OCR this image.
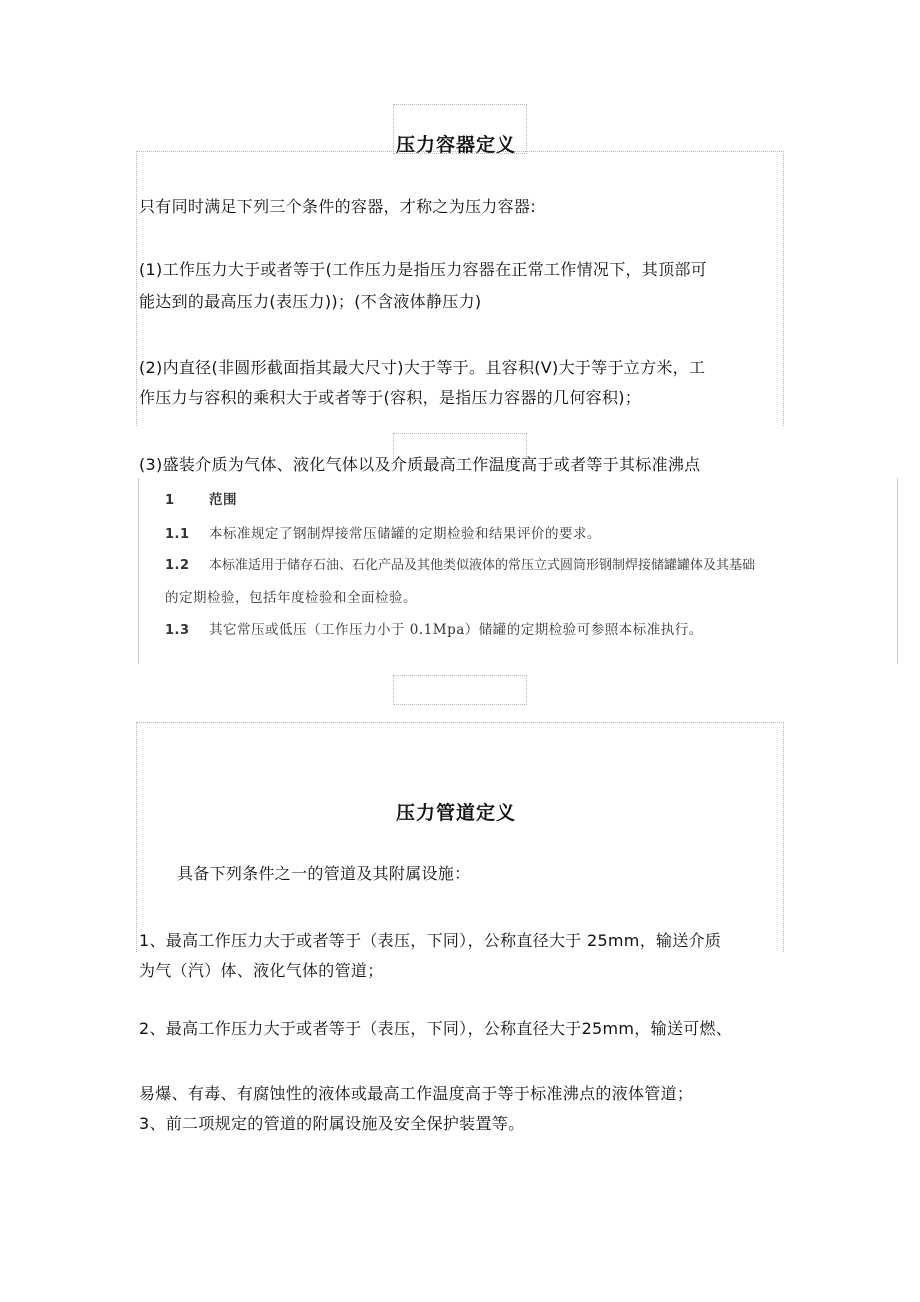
压力容器定义
只有同时满足下列三个条件的容器，才称之为压力容器:
(1)工作压力大于或者等于(工作压力是指压力容器在正常工作情况下，其顶部可
能达到的最高压力(表压力))；(不含液体静压力)
(2)内直径(非圆形截面指其最大尺寸)大于等于。且容积(V)大于等于立方米，工
作压力与容积的乘积大于或者等于(容积，是指压力容器的几何容积)；
(3)盛装介质为气体、液化气体以及介质最高工作温度高于或者等于其标准沸点
1	范围
1.1 本标准规定了钢制焊接常压储罐的定期检验和结果评价的要求。
1.2 本标准适用于储存石油、石化产品及其他类似液体的常压立式圆筒形钢制焊接储罐罐体及其基础
的定期检验，包括年度检验和全面检验。
1.3 其它常压或低压（工作压力小于 0.1Mpa）储罐的定期检验可参照本标准执行。
压力管道定义
具备下列条件之一的管道及其附属设施：
1、最高工作压力大于或者等于（表压，下同），公称直径大于 25mm，输送介质
为气（汽）体、液化气体的管道；
2、最高工作压力大于或者等于（表压，下同），公称直径大于25mm，输送可燃、
易爆、有毒、有腐蚀性的液体或最高工作温度高于等于标准沸点的液体管道；
3、前二项规定的管道的附属设施及安全保护装置等。
